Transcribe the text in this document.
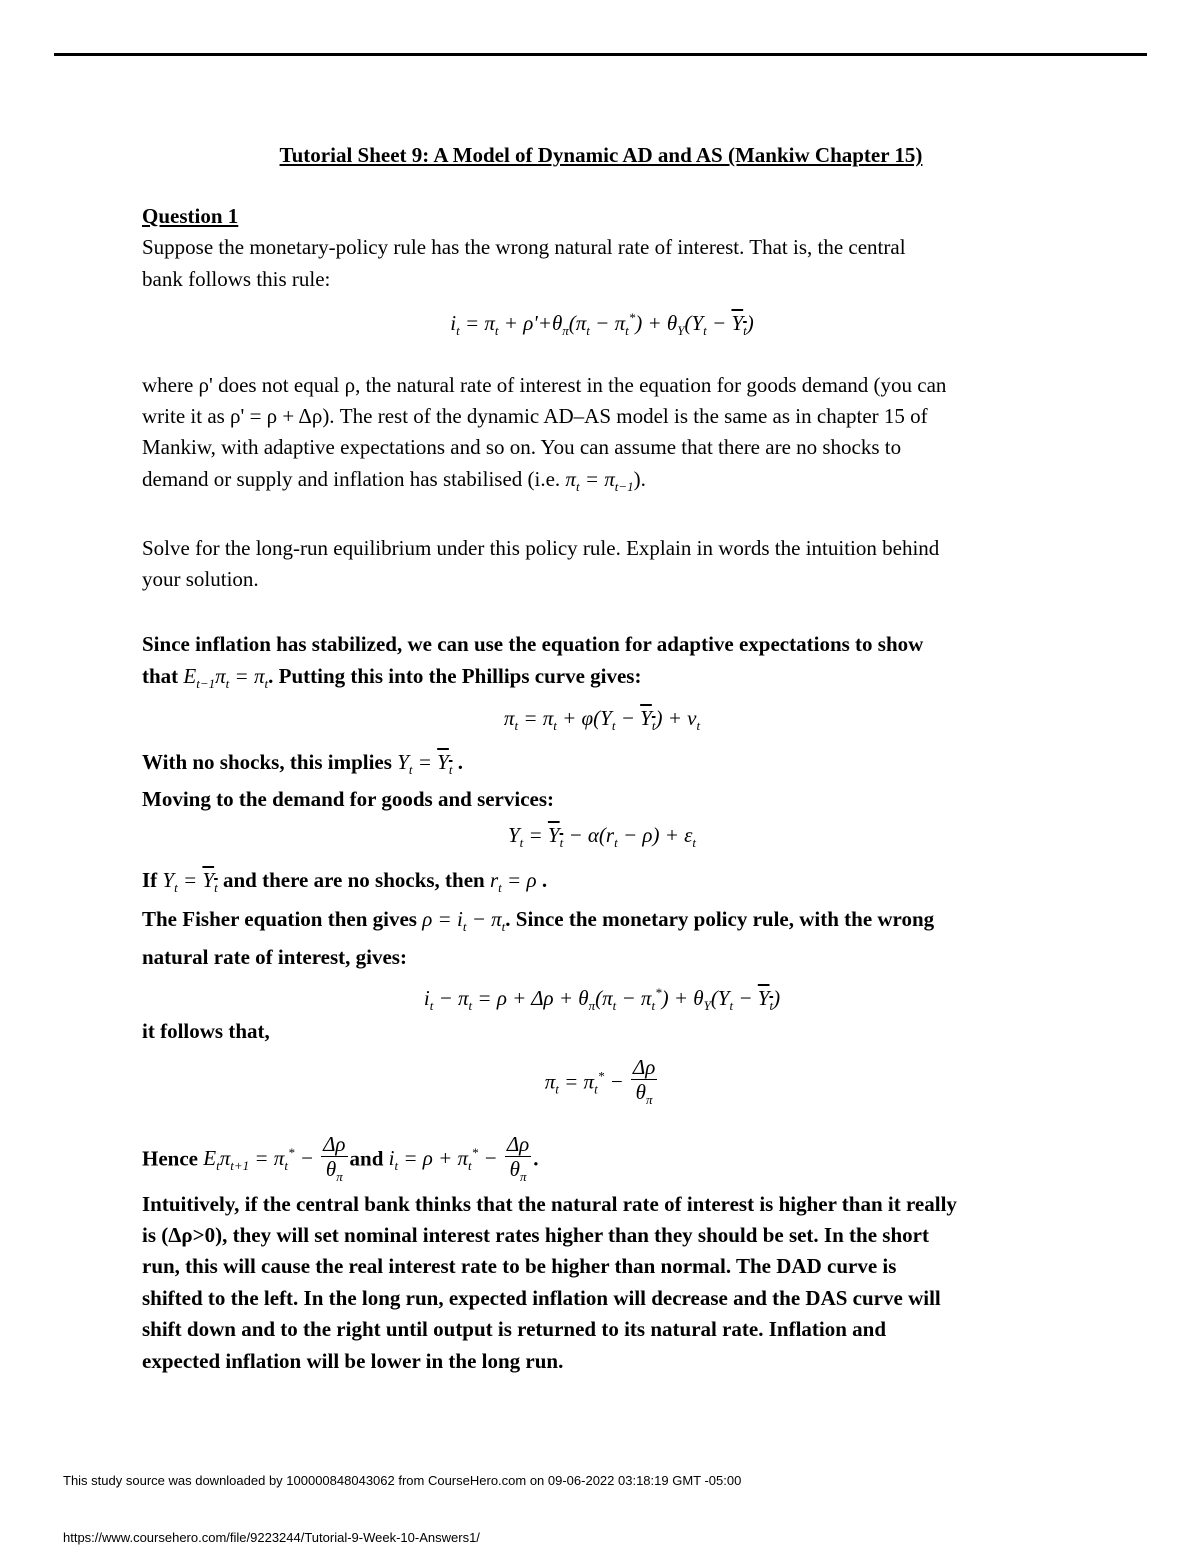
Tutorial Sheet 9: A Model of Dynamic AD and AS (Mankiw Chapter 15)
Question 1
Suppose the monetary-policy rule has the wrong natural rate of interest. That is, the central
bank follows this rule:
$i_t = \pi_t + \rho'+\theta_\pi(\pi_t - \pi_t^*) + \theta_Y(Y_t - Y_t)$
where ρ' does not equal ρ, the natural rate of interest in the equation for goods demand (you can
write it as ρ' = ρ + Δρ). The rest of the dynamic AD–AS model is the same as in chapter 15 of
Mankiw, with adaptive expectations and so on. You can assume that there are no shocks to
demand or supply and inflation has stabilised (i.e. $\pi_t = \pi_{t-1}$).
Solve for the long-run equilibrium under this policy rule. Explain in words the intuition behind
your solution.
Since inflation has stabilized, we can use the equation for adaptive expectations to show
that $E_{t-1}\pi_t = \pi_t$. Putting this into the Phillips curve gives:
$\pi_t = \pi_t + \varphi(Y_t - Y_t) + \nu_t$
With no shocks, this implies $Y_t = Y_t$ .
Moving to the demand for goods and services:
$Y_t = Y_t - \alpha(r_t - \rho) + \varepsilon_t$
If $Y_t = Y_t$ and there are no shocks, then $r_t = \rho$ .
The Fisher equation then gives $\rho = i_t - \pi_t$. Since the monetary policy rule, with the wrong
natural rate of interest, gives:
$i_t - \pi_t = \rho + \Delta\rho + \theta_\pi(\pi_t - \pi_t^*) + \theta_Y(Y_t - Y_t)$
it follows that,
$\pi_t = \pi_t^* - \frac{\Delta\rho}{\theta_\pi}$
Hence $E_t\pi_{t+1} = \pi_t^* - \frac{\Delta\rho}{\theta_\pi}$ and $i_t = \rho + \pi_t^* - \frac{\Delta\rho}{\theta_\pi}$ .
Intuitively, if the central bank thinks that the natural rate of interest is higher than it really
is (Δρ>0), they will set nominal interest rates higher than they should be set. In the short
run, this will cause the real interest rate to be higher than normal. The DAD curve is
shifted to the left. In the long run, expected inflation will decrease and the DAS curve will
shift down and to the right until output is returned to its natural rate. Inflation and
expected inflation will be lower in the long run.
This study source was downloaded by 100000848043062 from CourseHero.com on 09-06-2022 03:18:19 GMT -05:00
https://www.coursehero.com/file/9223244/Tutorial-9-Week-10-Answers1/
